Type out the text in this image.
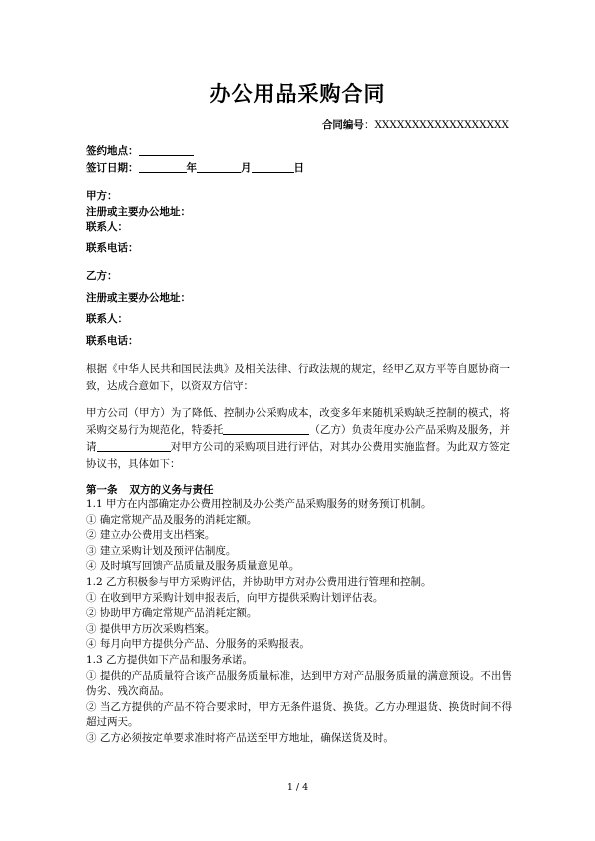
办公用品采购合同
合同编号：XXXXXXXXXXXXXXXXXX
签约地点：
签订日期：	年	月	日
甲方：
注册或主要办公地址：
联系人：
联系电话：
乙方：
注册或主要办公地址：
联系人：
联系电话：
根据《中华人民共和国民法典》及相关法律、行政法规的规定，经甲乙双方平等自愿协商一致，达成合意如下，以资双方信守：
甲方公司（甲方）为了降低、控制办公采购成本，改变多年来随机采购缺乏控制的模式，将采购交易行为规范化，特委托	（乙方）负责年度办公产品采购及服务，并请	对甲方公司的采购项目进行评估，对其办公费用实施监督。为此双方签定协议书，具体如下：
第一条 双方的义务与责任
1.1 甲方在内部确定办公费用控制及办公类产品采购服务的财务预订机制。
① 确定常规产品及服务的消耗定额。
② 建立办公费用支出档案。
③ 建立采购计划及预评估制度。
④ 及时填写回馈产品质量及服务质量意见单。
1.2 乙方积极参与甲方采购评估，并协助甲方对办公费用进行管理和控制。
① 在收到甲方采购计划申报表后，向甲方提供采购计划评估表。
② 协助甲方确定常规产品消耗定额。
③ 提供甲方历次采购档案。
④ 每月向甲方提供分产品、分服务的采购报表。
1.3 乙方提供如下产品和服务承诺。
① 提供的产品质量符合该产品服务质量标准，达到甲方对产品服务质量的满意预设。不出售伪劣、残次商品。
② 当乙方提供的产品不符合要求时，甲方无条件退货、换货。乙方办理退货、换货时间不得超过两天。
③ 乙方必须按定单要求准时将产品送至甲方地址，确保送货及时。
1 / 4
